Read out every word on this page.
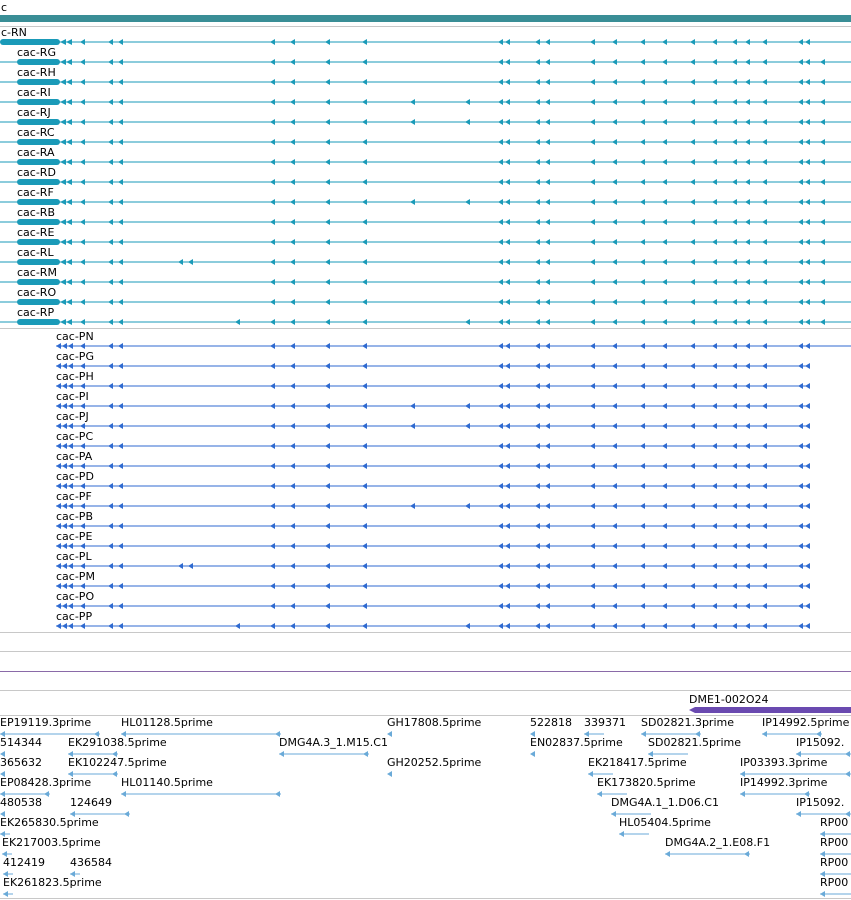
c
c-RN
cac-RG
cac-RH
cac-RI
cac-RJ
cac-RC
cac-RA
cac-RD
cac-RF
cac-RB
cac-RE
cac-RL
cac-RM
cac-RO
cac-RP
cac-PN
cac-PG
cac-PH
cac-PI
cac-PJ
cac-PC
cac-PA
cac-PD
cac-PF
cac-PB
cac-PE
cac-PL
cac-PM
cac-PO
cac-PP
DME1-002O24
EP19119.3prime	HL01128.5prime	GH17808.5prime	522818 339371 SD02821.3prime	IP14992.5prime
514344 EK291038.5prime	DMG4A.3_1.M15.C1	EN02837.5prime SD02821.5prime	IP15092.
365632 EK102247.5prime	GH20252.5prime	EK218417.5prime	IP03393.3prime
EP08428.3prime	HL01140.5prime	EK173820.5prime	IP14992.3prime
480538	124649	DMG4A.1_1.D06.C1	IP15092.
EK265830.5prime	HL05404.5prime	RP00
EK217003.5prime	DMG4A.2_1.E08.F1	RP00
412419 436584	RP00
EK261823.5prime	RP00
